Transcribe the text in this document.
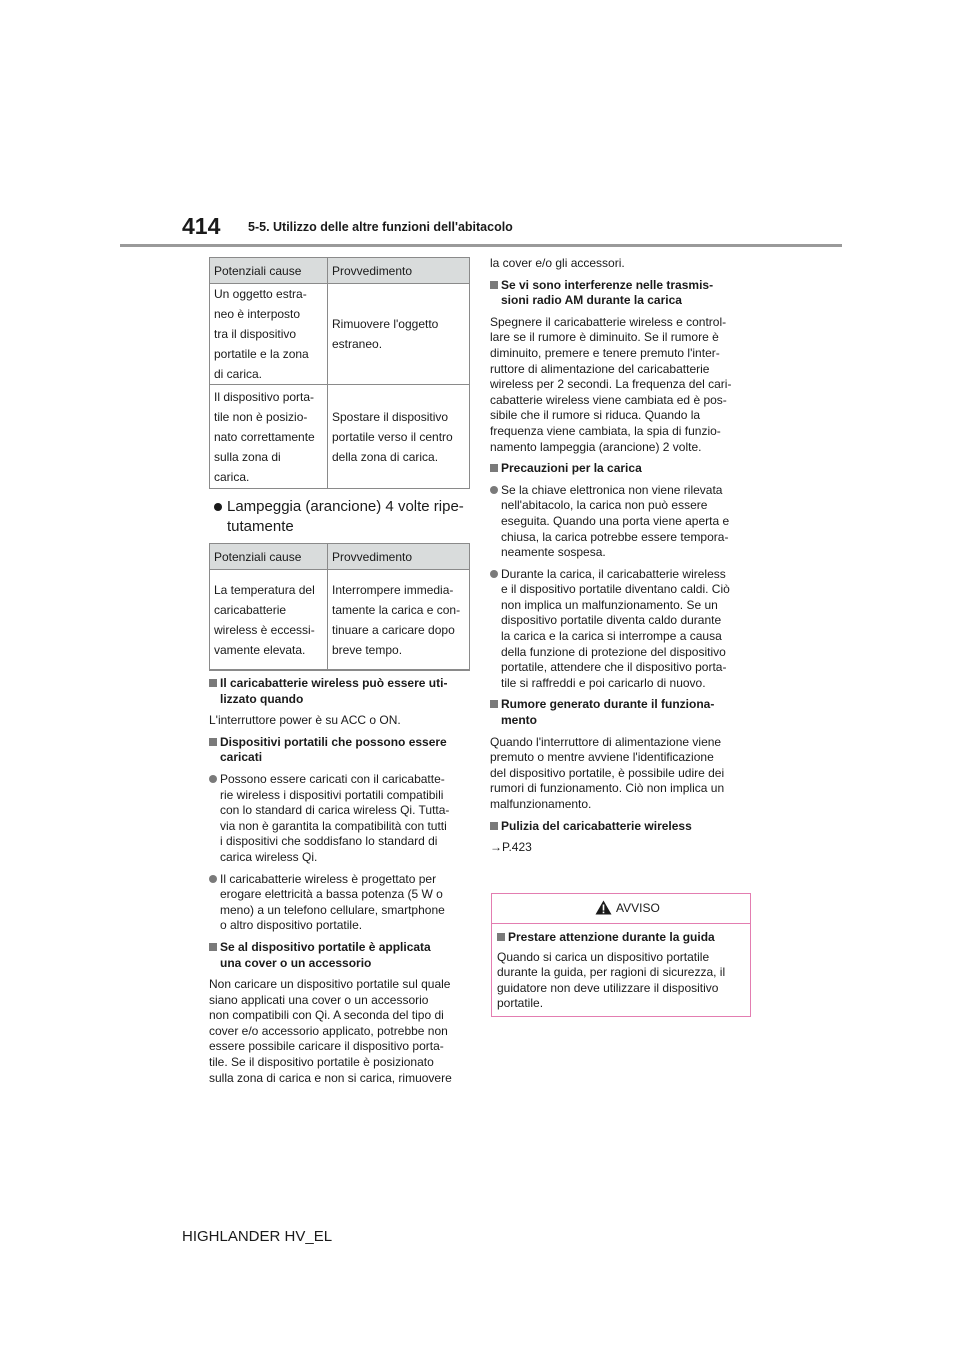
414 5-5. Utilizzo delle altre funzioni dell'abitacolo
Potenziali cause	Provvedimento
Un oggetto estra-
neo è interposto
tra il dispositivo
portatile e la zona
di carica.	Rimuovere l'oggetto
estraneo.
Il dispositivo porta-
tile non è posizio-
nato correttamente
sulla zona di
carica.	Spostare il dispositivo
portatile verso il centro
della zona di carica.
Lampeggia (arancione) 4 volte ripe-
tutamente
Potenziali cause	Provvedimento
La temperatura del
caricabatterie
wireless è eccessi-
vamente elevata.	Interrompere immedia-
tamente la carica e con-
tinuare a caricare dopo
breve tempo.
Il caricabatterie wireless può essere uti-
lizzato quando
L'interruttore power è su ACC o ON.
Dispositivi portatili che possono essere
caricati
Possono essere caricati con il caricabatte-
rie wireless i dispositivi portatili compatibili
con lo standard di carica wireless Qi. Tutta-
via non è garantita la compatibilità con tutti
i dispositivi che soddisfano lo standard di
carica wireless Qi.
Il caricabatterie wireless è progettato per
erogare elettricità a bassa potenza (5 W o
meno) a un telefono cellulare, smartphone
o altro dispositivo portatile.
Se al dispositivo portatile è applicata
una cover o un accessorio
Non caricare un dispositivo portatile sul quale
siano applicati una cover o un accessorio
non compatibili con Qi. A seconda del tipo di
cover e/o accessorio applicato, potrebbe non
essere possibile caricare il dispositivo porta-
tile. Se il dispositivo portatile è posizionato
sulla zona di carica e non si carica, rimuovere
la cover e/o gli accessori.
Se vi sono interferenze nelle trasmis-
sioni radio AM durante la carica
Spegnere il caricabatterie wireless e control-
lare se il rumore è diminuito. Se il rumore è
diminuito, premere e tenere premuto l'inter-
ruttore di alimentazione del caricabatterie
wireless per 2 secondi. La frequenza del cari-
cabatterie wireless viene cambiata ed è pos-
sibile che il rumore si riduca. Quando la
frequenza viene cambiata, la spia di funzio-
namento lampeggia (arancione) 2 volte.
Precauzioni per la carica
Se la chiave elettronica non viene rilevata
nell'abitacolo, la carica non può essere
eseguita. Quando una porta viene aperta e
chiusa, la carica potrebbe essere tempora-
neamente sospesa.
Durante la carica, il caricabatterie wireless
e il dispositivo portatile diventano caldi. Ciò
non implica un malfunzionamento. Se un
dispositivo portatile diventa caldo durante
la carica e la carica si interrompe a causa
della funzione di protezione del dispositivo
portatile, attendere che il dispositivo porta-
tile si raffreddi e poi caricarlo di nuovo.
Rumore generato durante il funziona-
mento
Quando l'interruttore di alimentazione viene
premuto o mentre avviene l'identificazione
del dispositivo portatile, è possibile udire dei
rumori di funzionamento. Ciò non implica un
malfunzionamento.
Pulizia del caricabatterie wireless
→P.423
AVVISO
Prestare attenzione durante la guida
Quando si carica un dispositivo portatile
durante la guida, per ragioni di sicurezza, il
guidatore non deve utilizzare il dispositivo
portatile.
HIGHLANDER HV_EL
